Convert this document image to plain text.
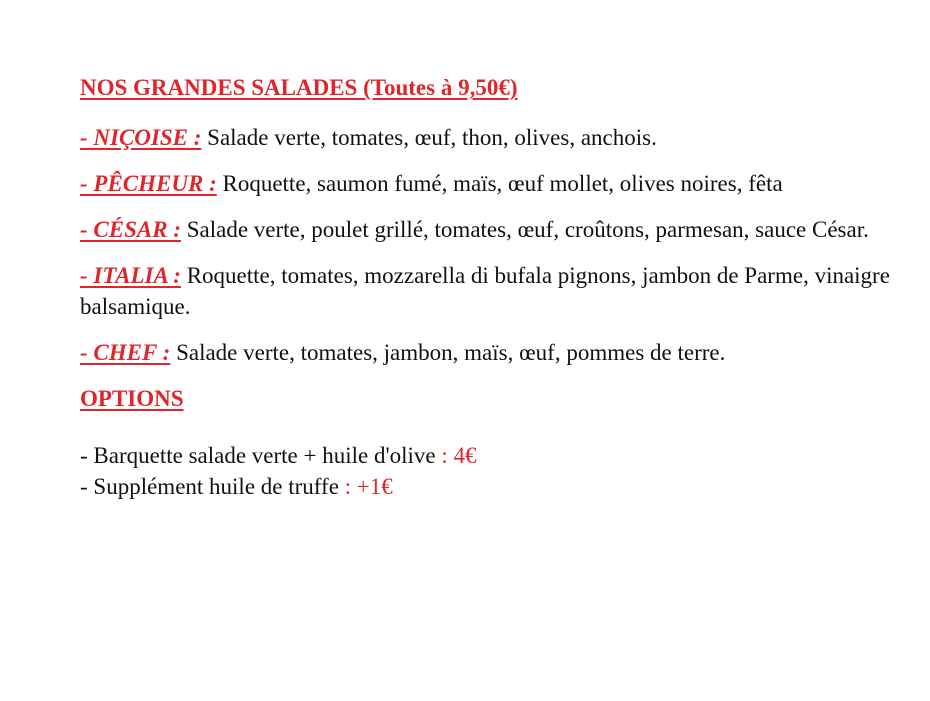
NOS GRANDES SALADES (Toutes à 9,50€)
- NIÇOISE : Salade verte, tomates, œuf, thon, olives, anchois.
- PÊCHEUR : Roquette, saumon fumé, maïs, œuf mollet, olives noires, fêta
- CÉSAR : Salade verte, poulet grillé, tomates, œuf, croûtons, parmesan, sauce César.
- ITALIA : Roquette, tomates, mozzarella di bufala pignons, jambon de Parme, vinaigre balsamique.
- CHEF : Salade verte, tomates, jambon, maïs, œuf, pommes de terre.
OPTIONS
- Barquette salade verte + huile d'olive : 4€
- Supplément huile de truffe : +1€
